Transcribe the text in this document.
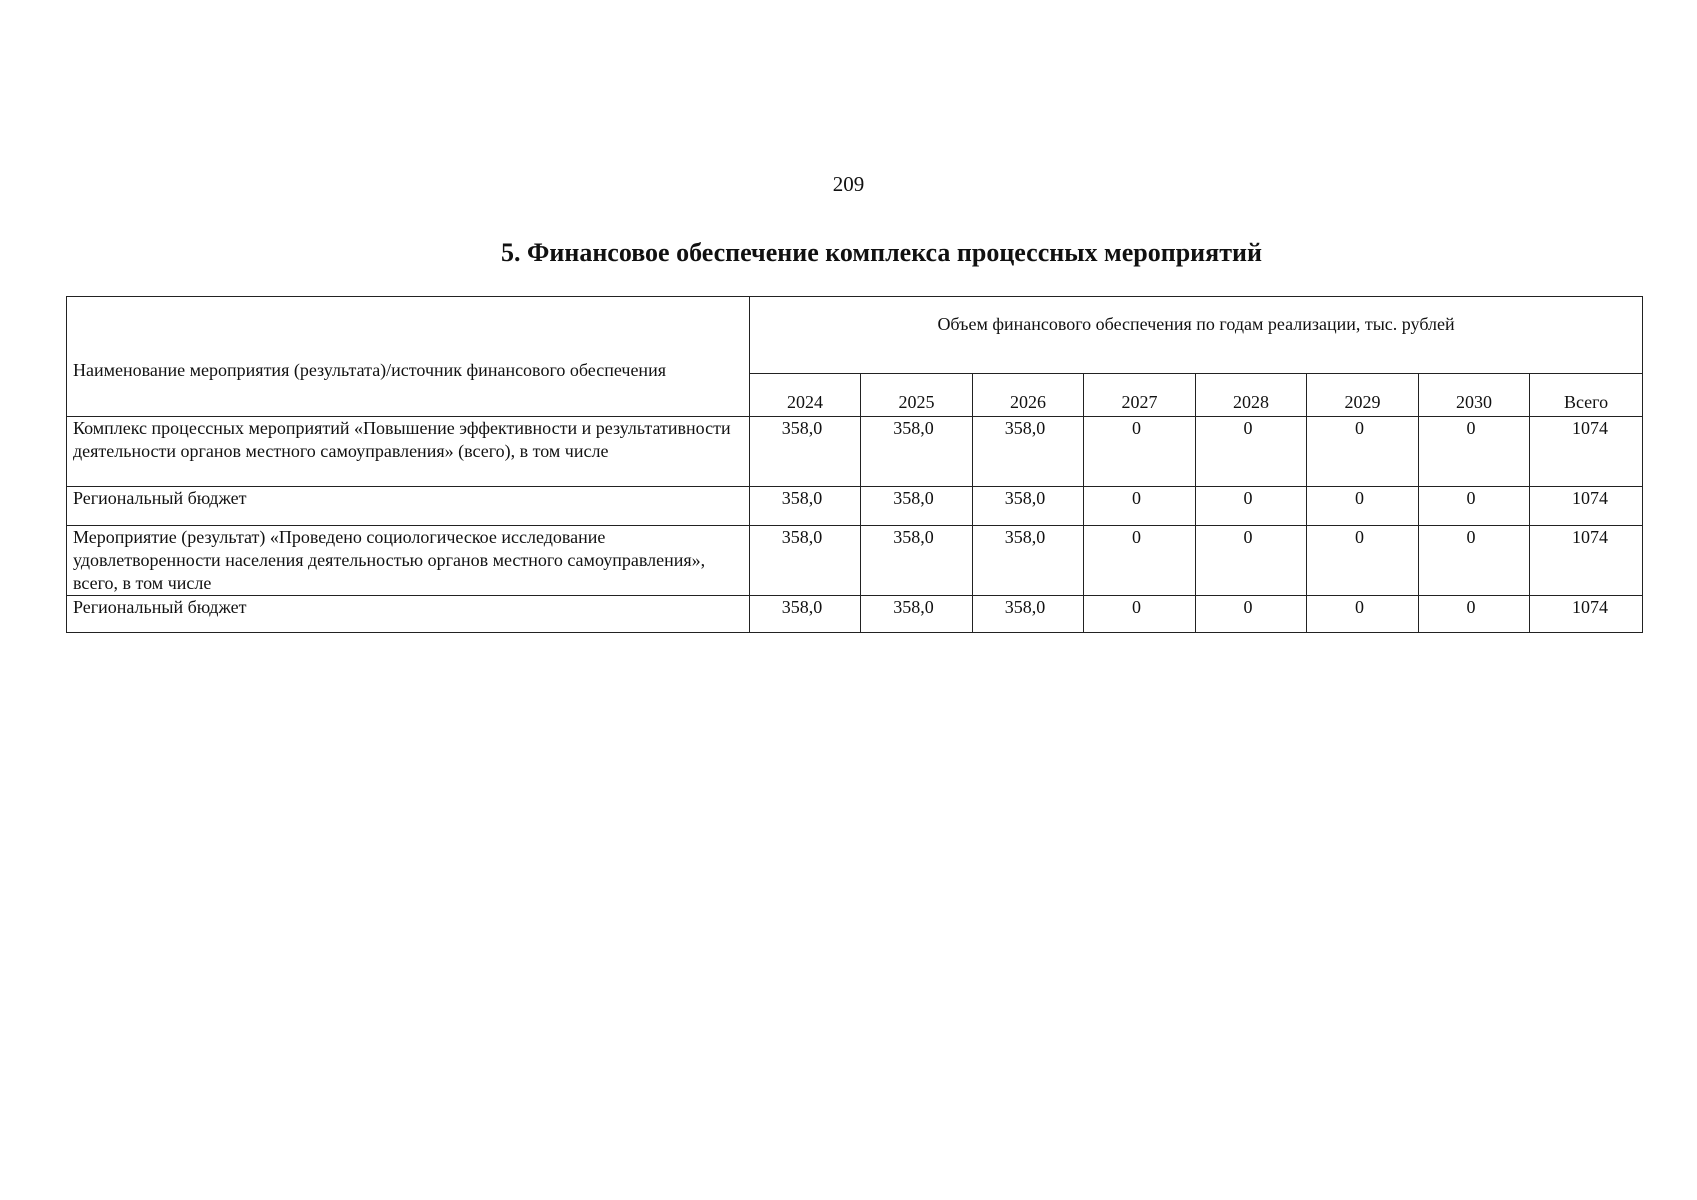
209
5. Финансовое обеспечение комплекса процессных мероприятий
Наименование мероприятия (результата)/источник финансового обеспечения	Объем финансового обеспечения по годам реализации, тыс. рублей							
	2024	2025	2026	2027	2028	2029	2030	Всего
Комплекс процессных мероприятий «Повышение эффективности и результативности деятельности органов местного самоуправления» (всего), в том числе	358,0	358,0	358,0	0	0	0	0	1074
Региональный бюджет	358,0	358,0	358,0	0	0	0	0	1074
Мероприятие (результат) «Проведено социологическое исследование удовлетворенности населения деятельностью органов местного самоуправления», всего, в том числе	358,0	358,0	358,0	0	0	0	0	1074
Региональный бюджет	358,0	358,0	358,0	0	0	0	0	1074
